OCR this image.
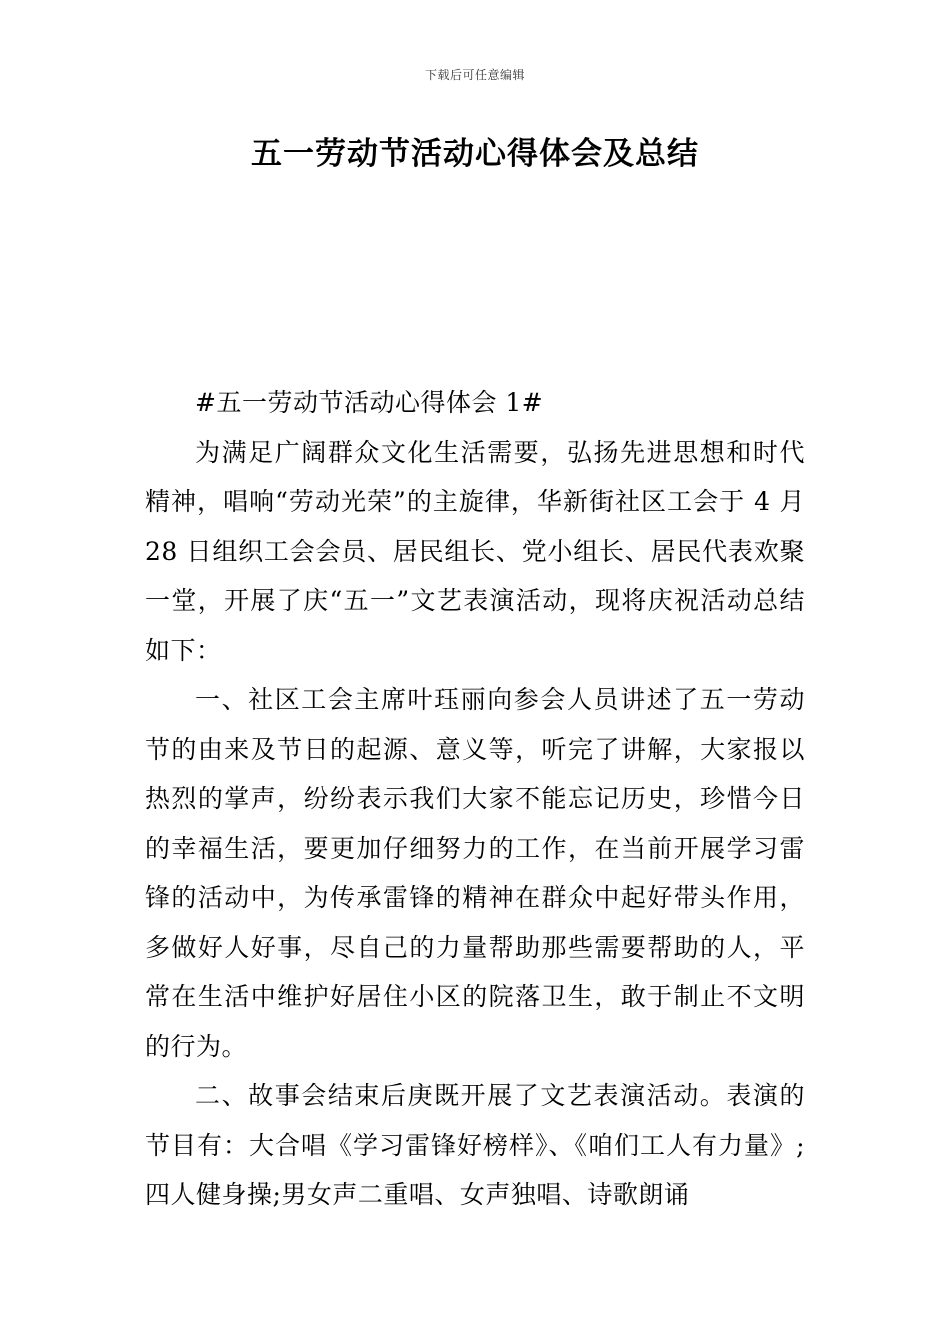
下载后可任意编辑
五一劳动节活动心得体会及总结

#五一劳动节活动心得体会 1#

为满足广阔群众文化生活需要，弘扬先进思想和时代精神，唱响“劳动光荣”的主旋律，华新街社区工会于 4 月 28 日组织工会会员、居民组长、党小组长、居民代表欢聚一堂，开展了庆“五一”文艺表演活动，现将庆祝活动总结如下：

一、社区工会主席叶珏丽向参会人员讲述了五一劳动节的由来及节日的起源、意义等，听完了讲解，大家报以热烈的掌声，纷纷表示我们大家不能忘记历史，珍惜今日的幸福生活，要更加仔细努力的工作，在当前开展学习雷锋的活动中，为传承雷锋的精神在群众中起好带头作用，多做好人好事，尽自己的力量帮助那些需要帮助的人，平常在生活中维护好居住小区的院落卫生，敢于制止不文明的行为。

二、故事会结束后庚既开展了文艺表演活动。表演的节目有：大合唱《学习雷锋好榜样》、《咱们工人有力量》;四人健身操;男女声二重唱、女声独唱、诗歌朗诵
